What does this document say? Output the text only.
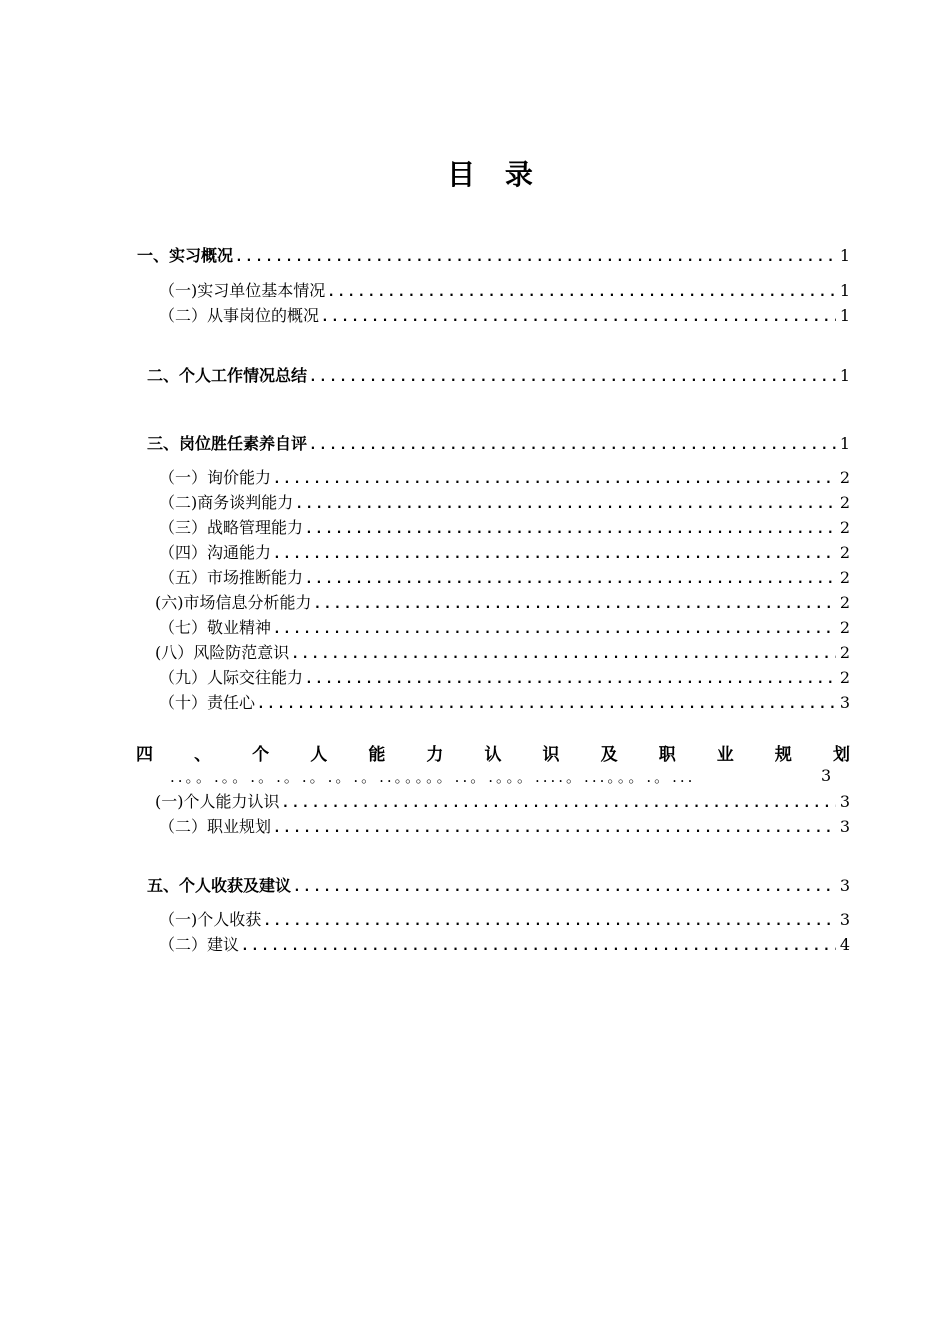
目 录
一、实习概况 .....	1
（一)实习单位基本情况 .....	1
（二）从事岗位的概况 .....	1
二、个人工作情况总结 .....	1
三、岗位胜任素养自评 .....	1
（一）询价能力 .....	2
（二)商务谈判能力 .....	2
（三）战略管理能力 .....	2
（四）沟通能力 .....	2
（五）市场推断能力 .....	2
(六)市场信息分析能力 .....	2
（七）敬业精神 .....	2
(八）风险防范意识 .....	2
（九）人际交往能力 .....	2
（十）责任心 .....	3
四 、 个 人 能 力 认 识 及 职 业 规 划
..。。.。。.。.。.。.。.。..。。。。。..。.。。。....。...。。。.。...	3
(一)个人能力认识 .....	3
（二）职业规划 .....	3
五、个人收获及建议 .....	3
（一)个人收获 .....	3
（二）建议 .....	4
